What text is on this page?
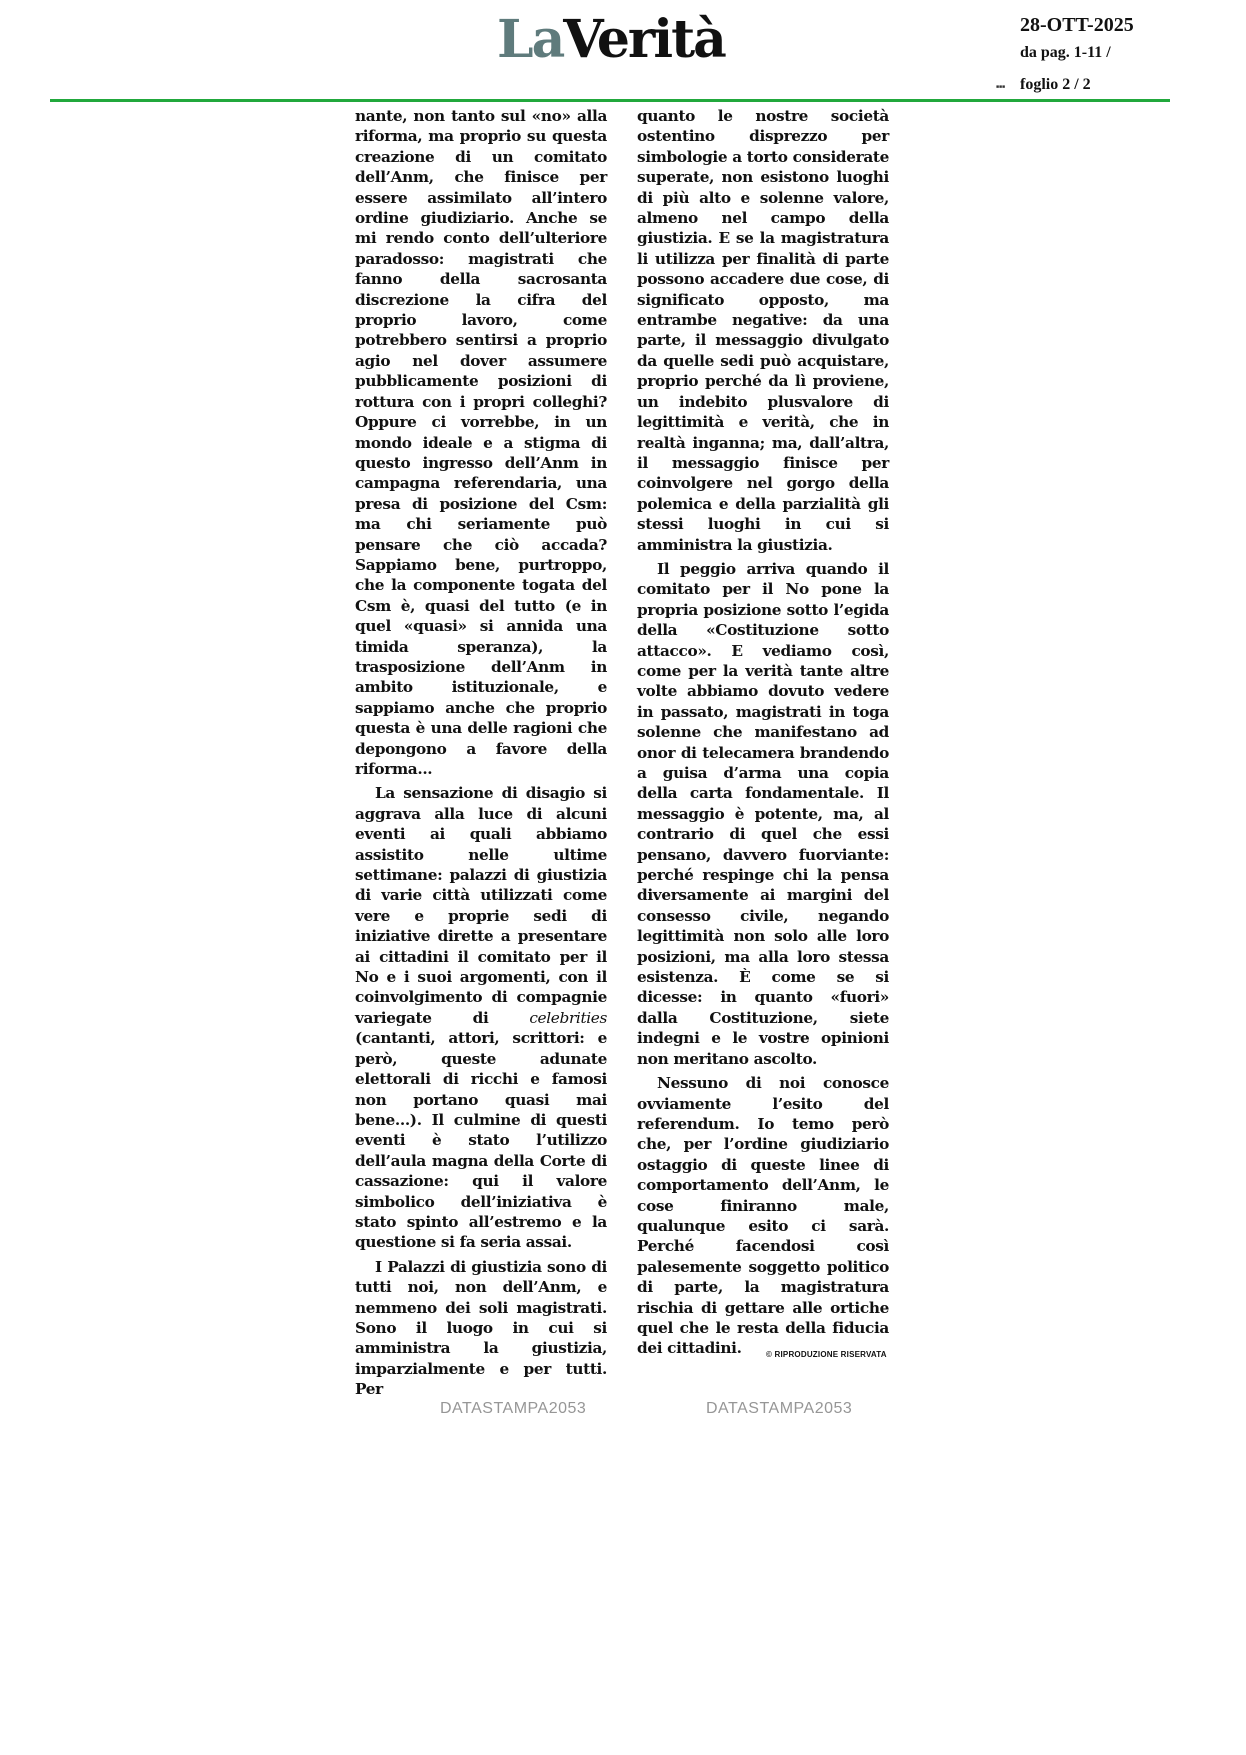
LaVerità	28-OTT-2025
da pag. 1-11 /
■■■ foglio 2 / 2

nante, non tanto sul «no» alla riforma, ma proprio su questa creazione di un comitato dell’Anm, che finisce per essere assimilato all’intero ordine giudiziario. Anche se mi rendo conto dell’ulteriore paradosso: magistrati che fanno della sacrosanta discrezione la cifra del proprio lavoro, come potrebbero sentirsi a proprio agio nel dover assumere pubblicamente posizioni di rottura con i propri colleghi? Oppure ci vorrebbe, in un mondo ideale e a stigma di questo ingresso dell’Anm in campagna referendaria, una presa di posizione del Csm: ma chi seriamente può pensare che ciò accada? Sappiamo bene, purtroppo, che la componente togata del Csm è, quasi del tutto (e in quel «quasi» si annida una timida speranza), la trasposizione dell’Anm in ambito istituzionale, e sappiamo anche che proprio questa è una delle ragioni che depongono a favore della riforma...

La sensazione di disagio si aggrava alla luce di alcuni eventi ai quali abbiamo assistito nelle ultime settimane: palazzi di giustizia di varie città utilizzati come vere e proprie sedi di iniziative dirette a presentare ai cittadini il comitato per il No e i suoi argomenti, con il coinvolgimento di compagnie variegate di celebrities (cantanti, attori, scrittori: e però, queste adunate elettorali di ricchi e famosi non portano quasi mai bene...). Il culmine di questi eventi è stato l’utilizzo dell’aula magna della Corte di cassazione: qui il valore simbolico dell’iniziativa è stato spinto all’estremo e la questione si fa seria assai.

I Palazzi di giustizia sono di tutti noi, non dell’Anm, e nemmeno dei soli magistrati. Sono il luogo in cui si amministra la giustizia, imparzialmente e per tutti. Per

quanto le nostre società ostentino disprezzo per simbologie a torto considerate superate, non esistono luoghi di più alto e solenne valore, almeno nel campo della giustizia. E se la magistratura li utilizza per finalità di parte possono accadere due cose, di significato opposto, ma entrambe negative: da una parte, il messaggio divulgato da quelle sedi può acquistare, proprio perché da lì proviene, un indebito plusvalore di legittimità e verità, che in realtà inganna; ma, dall’altra, il messaggio finisce per coinvolgere nel gorgo della polemica e della parzialità gli stessi luoghi in cui si amministra la giustizia.

Il peggio arriva quando il comitato per il No pone la propria posizione sotto l’egida della «Costituzione sotto attacco». E vediamo così, come per la verità tante altre volte abbiamo dovuto vedere in passato, magistrati in toga solenne che manifestano ad onor di telecamera brandendo a guisa d’arma una copia della carta fondamentale. Il messaggio è potente, ma, al contrario di quel che essi pensano, davvero fuorviante: perché respinge chi la pensa diversamente ai margini del consesso civile, negando legittimità non solo alle loro posizioni, ma alla loro stessa esistenza. È come se si dicesse: in quanto «fuori» dalla Costituzione, siete indegni e le vostre opinioni non meritano ascolto.

Nessuno di noi conosce ovviamente l’esito del referendum. Io temo però che, per l’ordine giudiziario ostaggio di queste linee di comportamento dell’Anm, le cose finiranno male, qualunque esito ci sarà. Perché facendosi così palesemente soggetto politico di parte, la magistratura rischia di gettare alle ortiche quel che le resta della fiducia dei cittadini.	© RIPRODUZIONE RISERVATA
DATASTAMPA2053	DATASTAMPA2053
